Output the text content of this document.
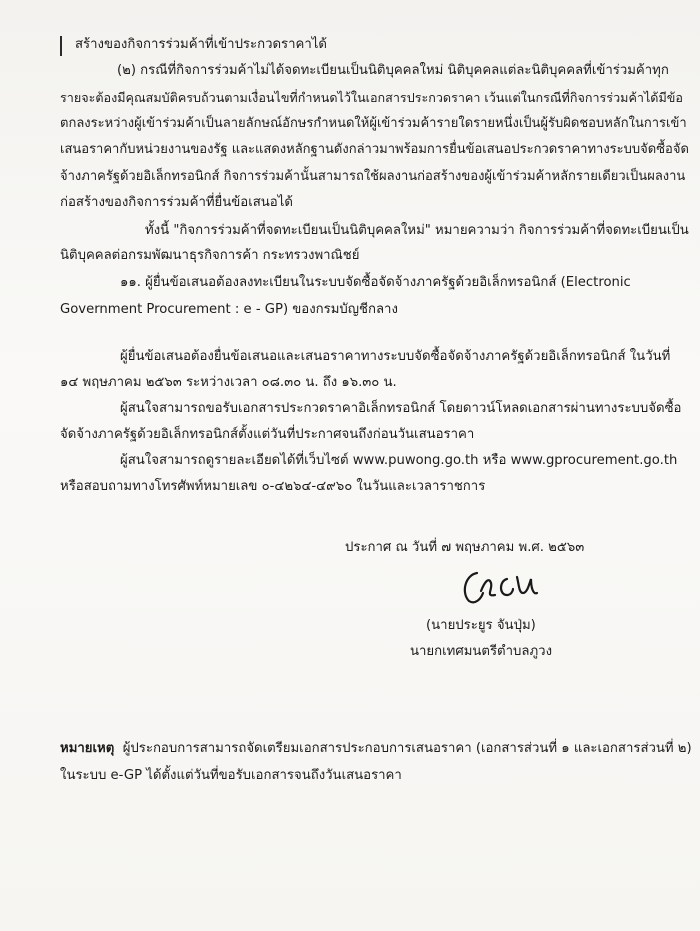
สร้างของกิจการร่วมค้าที่เข้าประกวดราคาได้
(๒) กรณีที่กิจการร่วมค้าไม่ได้จดทะเบียนเป็นนิติบุคคลใหม่ นิติบุคคลแต่ละนิติบุคคลที่เข้าร่วมค้าทุก
รายจะต้องมีคุณสมบัติครบถ้วนตามเงื่อนไขที่กำหนดไว้ในเอกสารประกวดราคา เว้นแต่ในกรณีที่กิจการร่วมค้าได้มีข้อ
ตกลงระหว่างผู้เข้าร่วมค้าเป็นลายลักษณ์อักษรกำหนดให้ผู้เข้าร่วมค้ารายใดรายหนึ่งเป็นผู้รับผิดชอบหลักในการเข้า
เสนอราคากับหน่วยงานของรัฐ และแสดงหลักฐานดังกล่าวมาพร้อมการยื่นข้อเสนอประกวดราคาทางระบบจัดซื้อจัด
จ้างภาครัฐด้วยอิเล็กทรอนิกส์ กิจการร่วมค้านั้นสามารถใช้ผลงานก่อสร้างของผู้เข้าร่วมค้าหลักรายเดียวเป็นผลงาน
ก่อสร้างของกิจการร่วมค้าที่ยื่นข้อเสนอได้
ทั้งนี้ "กิจการร่วมค้าที่จดทะเบียนเป็นนิติบุคคลใหม่" หมายความว่า กิจการร่วมค้าที่จดทะเบียนเป็น
นิติบุคคลต่อกรมพัฒนาธุรกิจการค้า กระทรวงพาณิชย์
๑๑. ผู้ยื่นข้อเสนอต้องลงทะเบียนในระบบจัดซื้อจัดจ้างภาครัฐด้วยอิเล็กทรอนิกส์ (Electronic
Government Procurement : e - GP) ของกรมบัญชีกลาง
ผู้ยื่นข้อเสนอต้องยื่นข้อเสนอและเสนอราคาทางระบบจัดซื้อจัดจ้างภาครัฐด้วยอิเล็กทรอนิกส์ ในวันที่
๑๔ พฤษภาคม ๒๕๖๓ ระหว่างเวลา ๐๘.๓๐ น. ถึง ๑๖.๓๐ น.
ผู้สนใจสามารถขอรับเอกสารประกวดราคาอิเล็กทรอนิกส์ โดยดาวน์โหลดเอกสารผ่านทางระบบจัดซื้อ
จัดจ้างภาครัฐด้วยอิเล็กทรอนิกส์ตั้งแต่วันที่ประกาศจนถึงก่อนวันเสนอราคา
ผู้สนใจสามารถดูรายละเอียดได้ที่เว็บไซต์ www.puwong.go.th หรือ www.gprocurement.go.th
หรือสอบถามทางโทรศัพท์หมายเลข ๐-๔๒๖๔-๔๙๖๐ ในวันและเวลาราชการ
ประกาศ ณ วันที่ ๗ พฤษภาคม พ.ศ. ๒๕๖๓
(นายประยูร จันปุ่ม)
นายกเทศมนตรีตำบลภูวง
หมายเหตุ ผู้ประกอบการสามารถจัดเตรียมเอกสารประกอบการเสนอราคา (เอกสารส่วนที่ ๑ และเอกสารส่วนที่ ๒)
ในระบบ e-GP ได้ตั้งแต่วันที่ขอรับเอกสารจนถึงวันเสนอราคา
